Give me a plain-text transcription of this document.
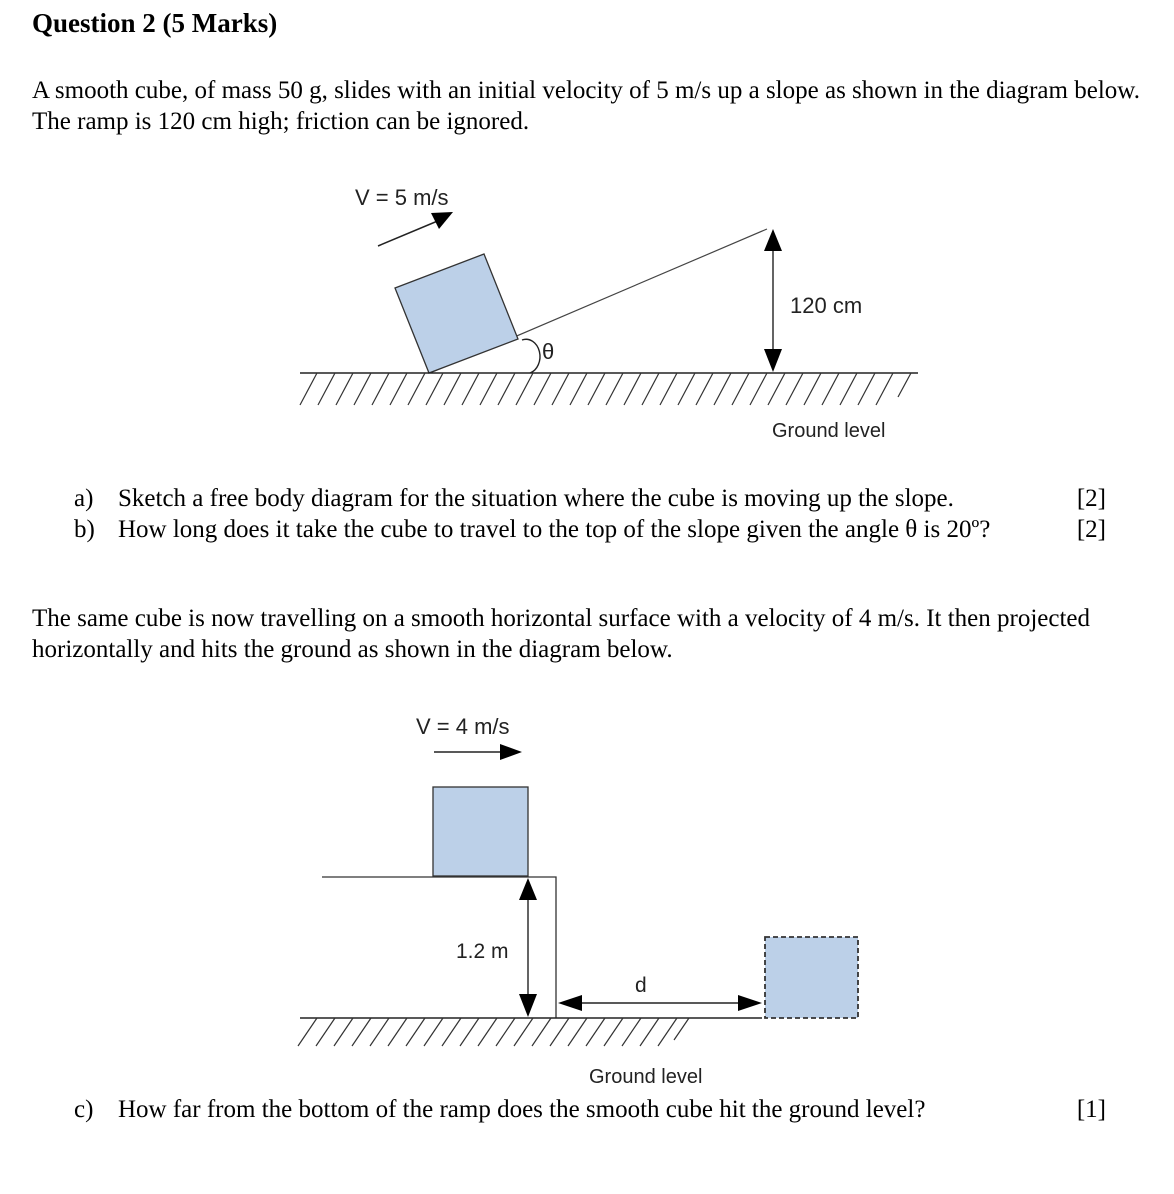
Question 2 (5 Marks)
A smooth cube, of mass 50 g, slides with an initial velocity of 5 m/s up a slope as shown in the diagram below. The ramp is 120 cm high; friction can be ignored.
V = 5 m/s
θ
120 cm
Ground level
V = 4 m/s
1.2 m
d
Ground level
a) Sketch a free body diagram for the situation where the cube is moving up the slope.	[2]
b) How long does it take the cube to travel to the top of the slope given the angle θ is 20º?	[2]
The same cube is now travelling on a smooth horizontal surface with a velocity of 4 m/s. It then projected horizontally and hits the ground as shown in the diagram below.
c) How far from the bottom of the ramp does the smooth cube hit the ground level?	[1]
